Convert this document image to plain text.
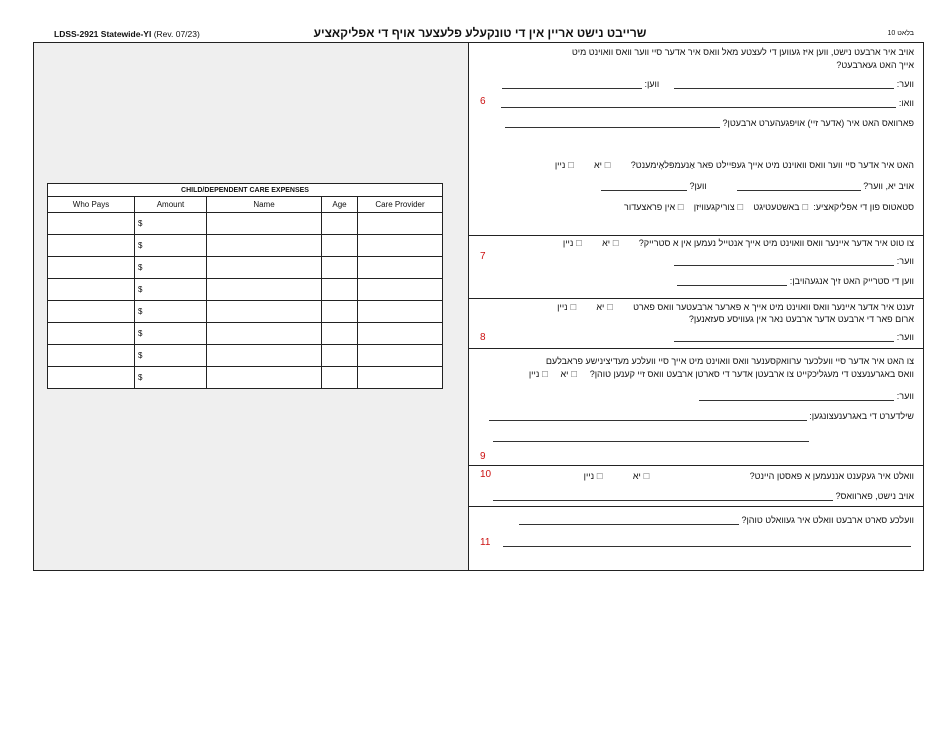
LDSS-2921 Statewide-YI (Rev. 07/23)	שרייבט נישט אריין אין די טונקעלע פלעצער אויף די אפליקאציע	בלאט 10
CHILD/DEPENDENT CARE EXPENSES				
Who Pays	Amount	Name	Age	Care Provider
	$			
	$			
	$			
	$			
	$			
	$			
	$			
	$			
אויב איר ארבעט נישט, ווען איז געווען די לעצטע מאל וואס איר אדער סיי ווער וואס וואוינט מיט
אייך האט געארבעט?
ווער:       ווען:
וואו:
6
פארוואס האט איר (אדער זיי) אויפגעהערט ארבעטן?
האט איר אדער סיי ווער וואס וואוינט מיט אייך געפיילט פאר אַנעמפּלאָימענט?       ☐יא       ☐ניין
אויב יא, ווער?             ווען?
סטאטוס פון די אפליקאציע: ☐באשטעטיגט   ☐צוריקגעוויזן   ☐אין פראצעדור
צו טוט איר אדער איינער וואס וואוינט מיט אייך אנטייל נעמען אין א סטרייק?       ☐יא       ☐ניין
ווער:
7
ווען די סטרייק האט זיך אנגעהויבן:
זענט איר אדער איינער וואס וואוינט מיט אייך א פארער ארבעטער וואס פארט       ☐יא       ☐ניין
ארום פאר די ארבעט אדער ארבעט נאר אין געוויסע סעזאנען?
ווער:
8
צו האט איר אדער סיי וועלכער ערוואקסענער וואס וואוינט מיט אייך סיי וועלכע מעדיצינישע פראבלעם
וואס באגרענעצט די מעגליכקייט צו ארבעטן אדער די סארטן ארבעט וואס זיי קענען טוהן?    ☐יא    ☐ניין
ווער:
שילדערט די באגרענעצונגען:
9
וואלט איר געקענט אננעמען א פאסטן היינט?                                       ☐יא           ☐ניין
10
אויב נישט, פארוואס?
וועלכע סארט ארבעט וואלט איר געוואלט טוהן?
11
